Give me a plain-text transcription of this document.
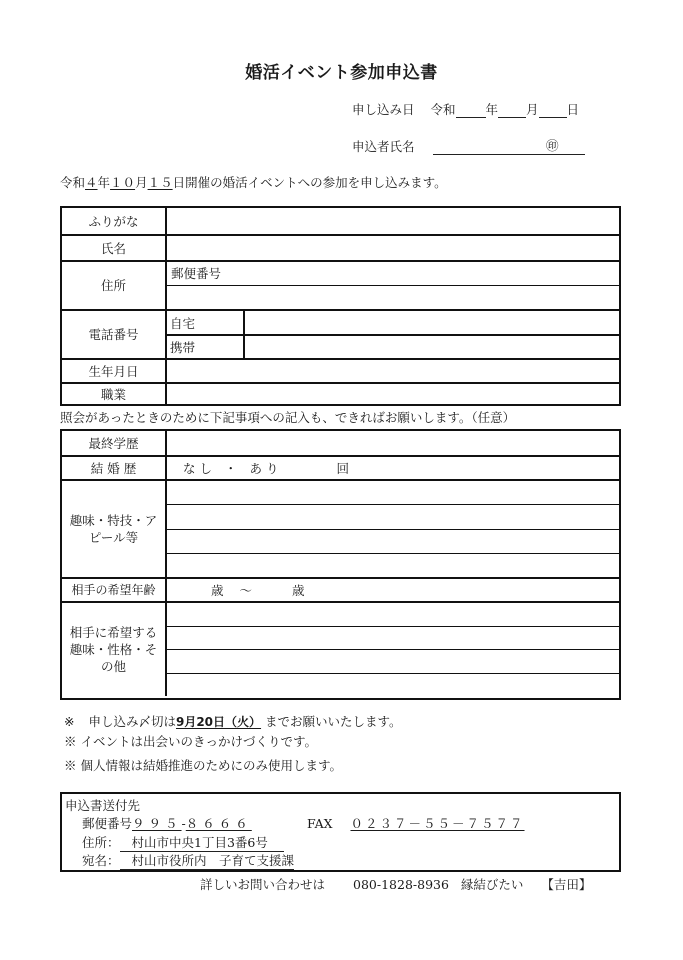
婚活イベント参加申込書
申し込み日 令和 年 月 日
申込者氏名	㊞

令和４年１０月１５日開催の婚活イベントへの参加を申し込みます。
ふりがな
氏名
住所
郵便番号
電話番号
自宅
携帯
生年月日
職業
照会があったときのために下記事項への記入も、できればお願いします。（任意）
最終学歴
結 婚 歴	な し　・　あ り	回
趣味・特技・アピール等
相手の希望年齢	歳 〜	歳
相手に希望する趣味・性格・その他
※ 申し込み〆切は9月20日（火） までお願いいたします。
※ イベントは出会いのきっかけづくりです。
※ 個人情報は結婚推進のためにのみ使用します。
申込書送付先
郵便番号９９５-８６６６	FAX ０２３７－５５－７５７７
住所： 村山市中央1丁目3番6号
宛名： 村山市役所内　子育て支援課
詳しいお問い合わせは 080-1828-8936 縁結びたい 【吉田】
